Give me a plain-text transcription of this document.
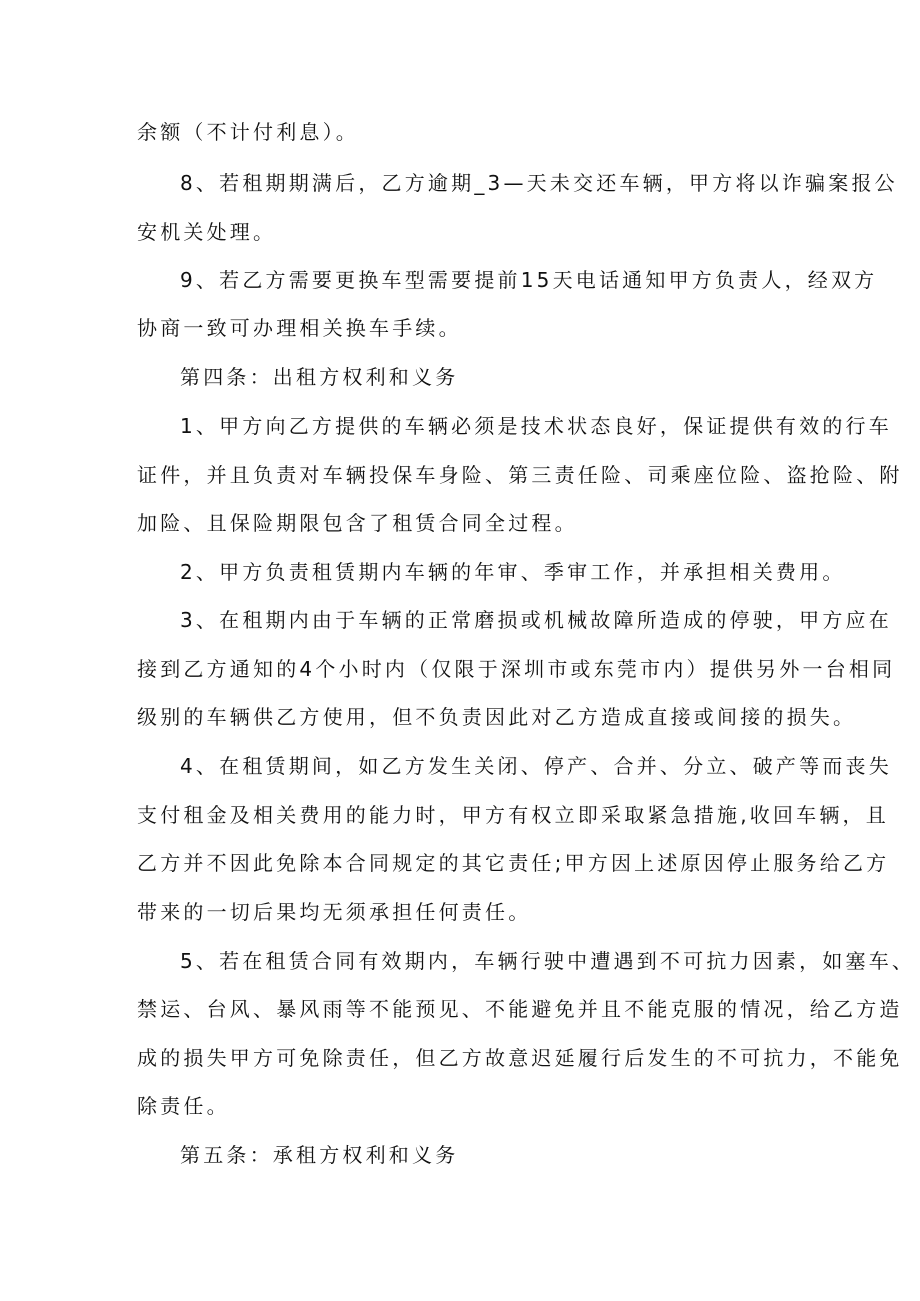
余额（不计付利息）。
8、若租期期满后，乙方逾期_3—天未交还车辆，甲方将以诈骗案报公
安机关处理。
9、若乙方需要更换车型需要提前15天电话通知甲方负责人，经双方
协商一致可办理相关换车手续。
第四条：出租方权利和义务
1、甲方向乙方提供的车辆必须是技术状态良好，保证提供有效的行车
证件，并且负责对车辆投保车身险、第三责任险、司乘座位险、盗抢险、附
加险、且保险期限包含了租赁合同全过程。
2、甲方负责租赁期内车辆的年审、季审工作，并承担相关费用。
3、在租期内由于车辆的正常磨损或机械故障所造成的停驶，甲方应在
接到乙方通知的4个小时内（仅限于深圳市或东莞市内）提供另外一台相同
级别的车辆供乙方使用，但不负责因此对乙方造成直接或间接的损失。
4、在租赁期间，如乙方发生关闭、停产、合并、分立、破产等而丧失
支付租金及相关费用的能力时，甲方有权立即采取紧急措施,收回车辆，且
乙方并不因此免除本合同规定的其它责任;甲方因上述原因停止服务给乙方
带来的一切后果均无须承担任何责任。
5、若在租赁合同有效期内，车辆行驶中遭遇到不可抗力因素，如塞车、
禁运、台风、暴风雨等不能预见、不能避免并且不能克服的情况，给乙方造
成的损失甲方可免除责任，但乙方故意迟延履行后发生的不可抗力，不能免
除责任。
第五条：承租方权利和义务
